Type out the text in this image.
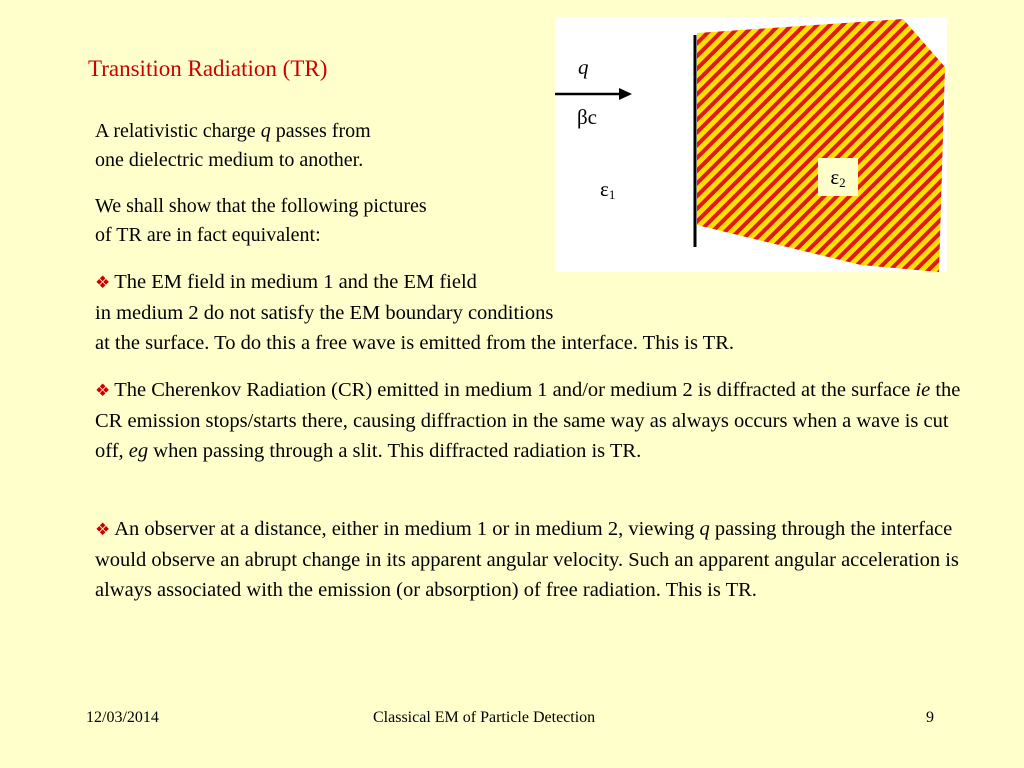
Transition Radiation (TR)
A relativistic charge q passes from
one dielectric medium to another.
We shall show that the following pictures
of TR are in fact equivalent:
❖ The EM field in medium 1 and the EM field
in medium 2 do not satisfy the EM boundary conditions
at the surface. To do this a free wave is emitted from the interface. This is TR.
❖ The Cherenkov Radiation (CR) emitted in medium 1 and/or medium 2 is diffracted at the surface ie the CR emission stops/starts there, causing diffraction in the same way as always occurs when a wave is cut off, eg when passing through a slit. This diffracted radiation is TR.
❖ An observer at a distance, either in medium 1 or in medium 2, viewing q passing through the interface would observe an abrupt change in its apparent angular velocity. Such an apparent angular acceleration is always associated with the emission (or absorption) of free radiation. This is TR.
q
βc
$\varepsilon_1$
$\varepsilon_2$
12/03/2014	Classical EM of Particle Detection	9
